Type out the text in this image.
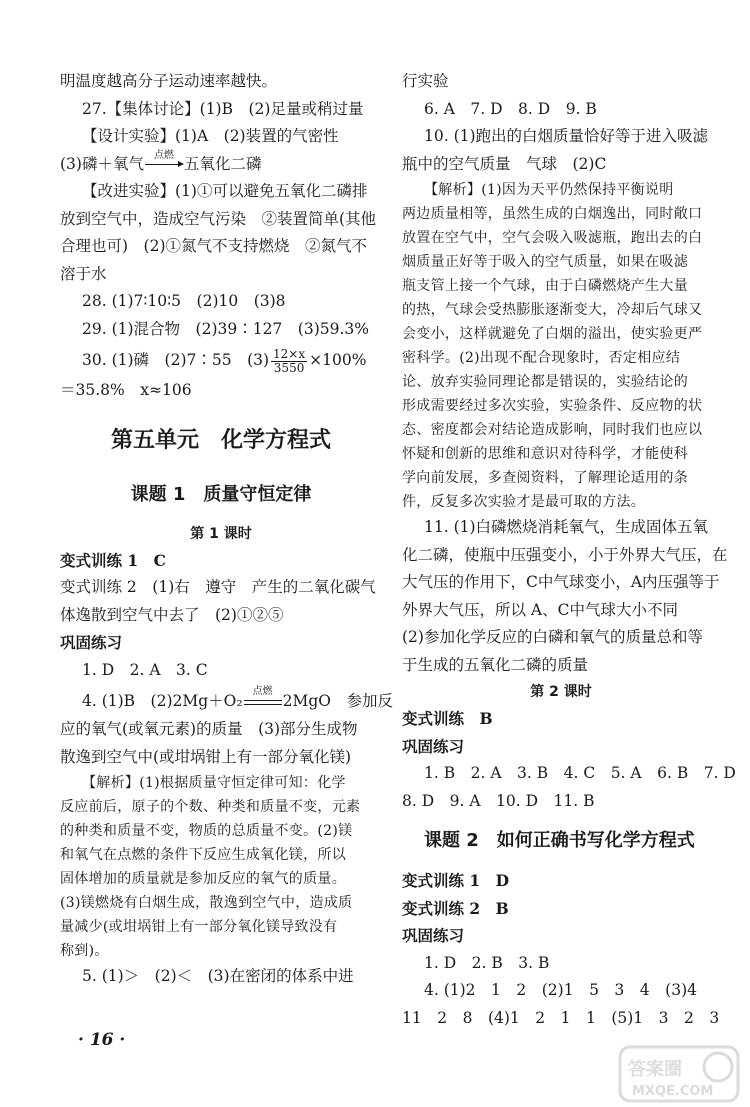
明温度越高分子运动速率越快。
27.【集体讨论】(1)B　(2)足量或稍过量
【设计实验】(1)A　(2)装置的气密性
(3)磷＋氧气	点燃 五氧化二磷
【改进实验】(1)①可以避免五氧化二磷排
放到空气中，造成空气污染　②装置简单(其他
合理也可)　(2)①氮气不支持燃烧　②氮气不
溶于水
28. (1)7∶10∶5　(2)10　(3)8
29. (1)混合物　(2)39∶127　(3)59.3%
30. (1)磷　(2)7∶55　$(3) \frac{12\times x}{3550} \times 100\%$
＝35.8%　x≈106
第五单元　化学方程式
课题 1　质量守恒定律
第 1 课时
变式训练 1　C
变式训练 2　(1)右　遵守　产生的二氧化碳气
体逸散到空气中去了　(2)①②⑤
巩固练习
1. D　2. A　3. C
4. (1)B　(2)2Mg＋O₂
点燃
2MgO　参加反
应的氧气(或氧元素)的质量　(3)部分生成物
散逸到空气中(或坩埚钳上有一部分氧化镁)
【解析】(1)根据质量守恒定律可知：化学
反应前后，原子的个数、种类和质量不变，元素
的种类和质量不变，物质的总质量不变。(2)镁
和氧气在点燃的条件下反应生成氧化镁，所以
固体增加的质量就是参加反应的氧气的质量。
(3)镁燃烧有白烟生成，散逸到空气中，造成质
量减少(或坩埚钳上有一部分氧化镁导致没有
称到)。
5. (1)＞　(2)＜　(3)在密闭的体系中进
行实验
6. A　7. D　8. D　9. B
10. (1)跑出的白烟质量恰好等于进入吸滤
瓶中的空气质量　气球　(2)C
【解析】(1)因为天平仍然保持平衡说明
两边质量相等，虽然生成的白烟逸出，同时敞口
放置在空气中，空气会吸入吸滤瓶，跑出去的白
烟质量正好等于吸入的空气质量，如果在吸滤
瓶支管上接一个气球，由于白磷燃烧产生大量
的热，气球会受热膨胀逐渐变大，冷却后气球又
会变小，这样就避免了白烟的溢出，使实验更严
密科学。(2)出现不配合现象时，否定相应结
论、放弃实验同理论都是错误的，实验结论的
形成需要经过多次实验，实验条件、反应物的状
态、密度都会对结论造成影响，同时我们也应以
怀疑和创新的思维和意识对待科学，才能使科
学向前发展，多查阅资料，了解理论适用的条
件，反复多次实验才是最可取的方法。
11. (1)白磷燃烧消耗氧气，生成固体五氧
化二磷，使瓶中压强变小，小于外界大气压，在
大气压的作用下，C中气球变小，A内压强等于
外界大气压，所以 A、C中气球大小不同
(2)参加化学反应的白磷和氧气的质量总和等
于生成的五氧化二磷的质量
第 2 课时
变式训练　B
巩固练习
1. B　2. A　3. B　4. C　5. A　6. B　7. D
8. D　9. A　10. D　11. B
课题 2　如何正确书写化学方程式
变式训练 1　D
变式训练 2　B
巩固练习
1. D　2. B　3. B
4. (1)2　1　2　(2)1　5　3　4　(3)4
11　2　8　(4)1　2　1　1　(5)1　3　2　3
· 16 ·
答案圈
MXQE.COM
